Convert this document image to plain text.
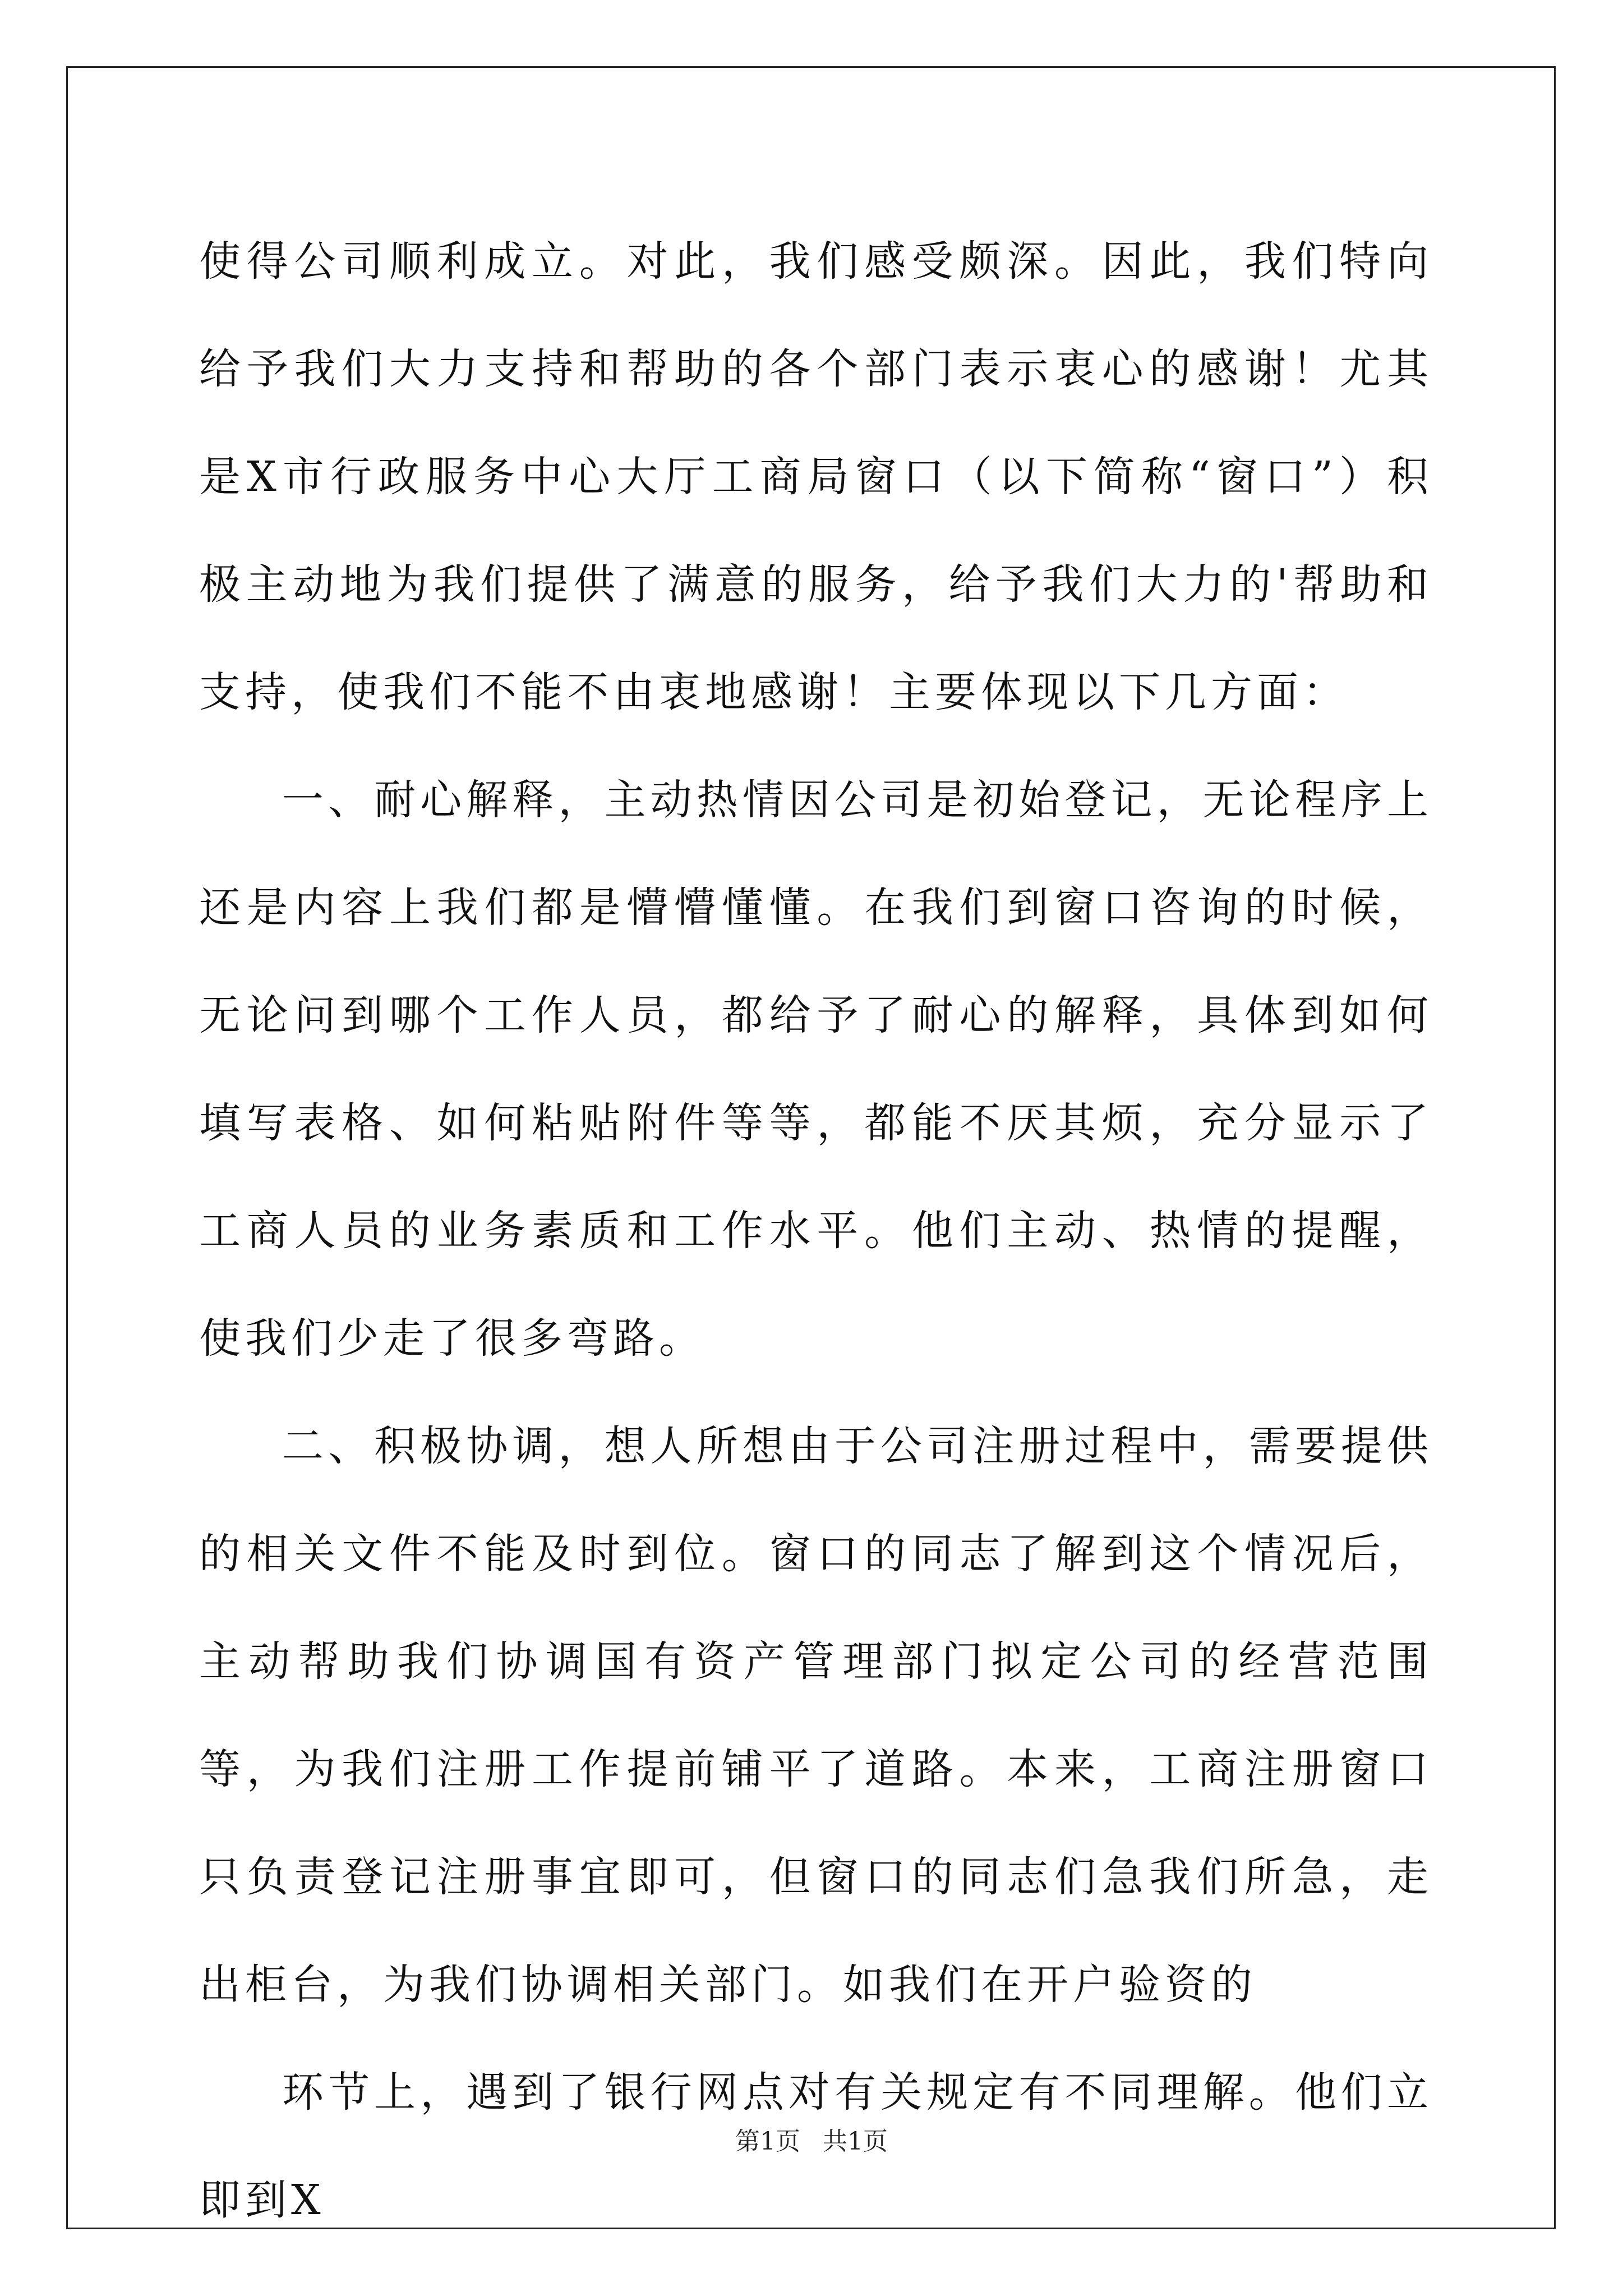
使得公司顺利成立。对此，我们感受颇深。因此，我们特向给予我们大力支持和帮助的各个部门表示衷心的感谢！尤其是X市行政服务中心大厅工商局窗口（以下简称“窗口”）积极主动地为我们提供了满意的服务，给予我们大力的'帮助和支持，使我们不能不由衷地感谢！主要体现以下几方面：

一、耐心解释，主动热情因公司是初始登记，无论程序上还是内容上我们都是懵懵懂懂。在我们到窗口咨询的时候，无论问到哪个工作人员，都给予了耐心的解释，具体到如何填写表格、如何粘贴附件等等，都能不厌其烦，充分显示了工商人员的业务素质和工作水平。他们主动、热情的提醒，使我们少走了很多弯路。

二、积极协调，想人所想由于公司注册过程中，需要提供的相关文件不能及时到位。窗口的同志了解到这个情况后，主动帮助我们协调国有资产管理部门拟定公司的经营范围等，为我们注册工作提前铺平了道路。本来，工商注册窗口只负责登记注册事宜即可，但窗口的同志们急我们所急，走出柜台，为我们协调相关部门。如我们在开户验资的

环节上，遇到了银行网点对有关规定有不同理解。他们立即到X

第1页 共1页
